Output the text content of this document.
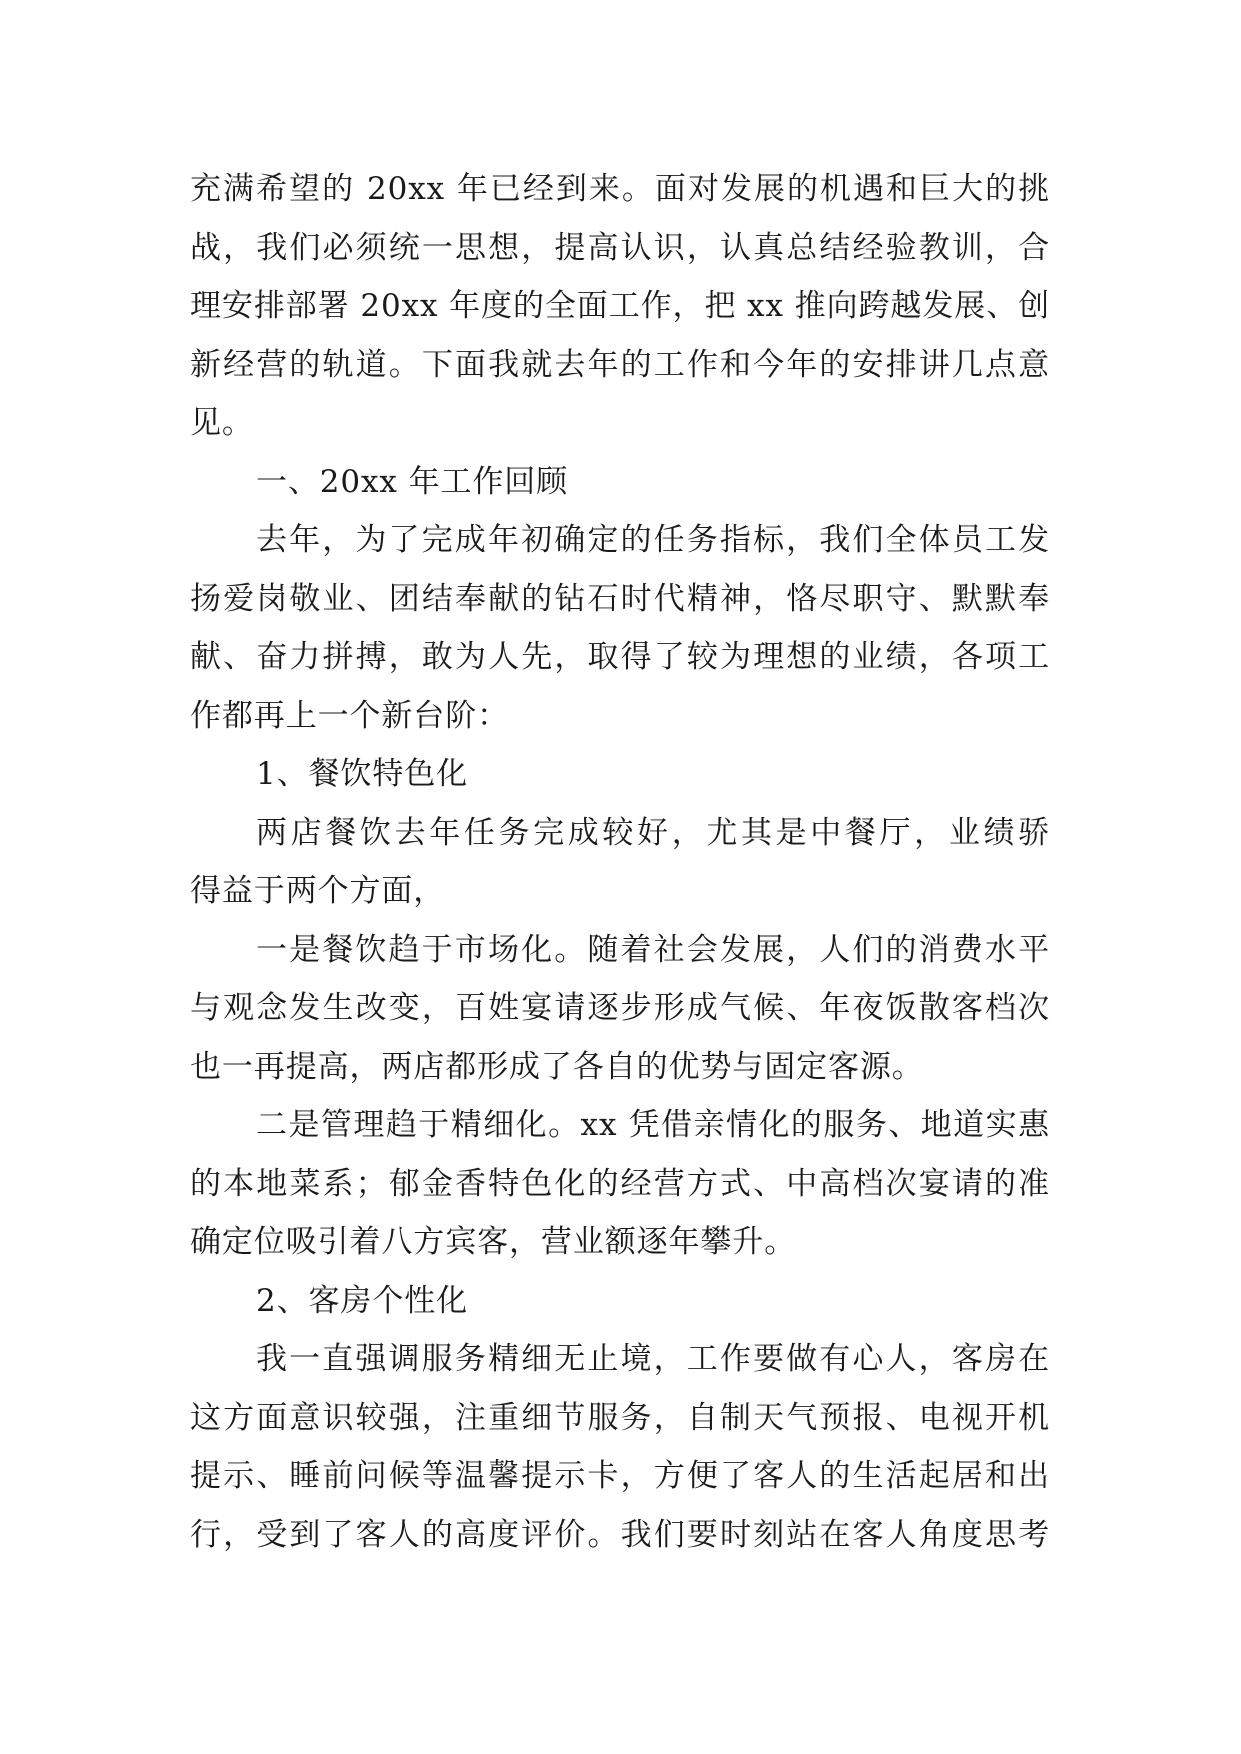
充满希望的 20xx 年已经到来。面对发展的机遇和巨大的挑
战，我们必须统一思想，提高认识，认真总结经验教训，合
理安排部署 20xx 年度的全面工作，把 xx 推向跨越发展、创
新经营的轨道。下面我就去年的工作和今年的安排讲几点意
见。
一、20xx 年工作回顾
去年，为了完成年初确定的任务指标，我们全体员工发
扬爱岗敬业、团结奉献的钻石时代精神，恪尽职守、默默奉
献、奋力拼搏，敢为人先，取得了较为理想的业绩，各项工
作都再上一个新台阶：
1、餐饮特色化
两店餐饮去年任务完成较好，尤其是中餐厅，业绩骄
得益于两个方面，
一是餐饮趋于市场化。随着社会发展，人们的消费水平
与观念发生改变，百姓宴请逐步形成气候、年夜饭散客档次
也一再提高，两店都形成了各自的优势与固定客源。
二是管理趋于精细化。xx 凭借亲情化的服务、地道实惠
的本地菜系；郁金香特色化的经营方式、中高档次宴请的准
确定位吸引着八方宾客，营业额逐年攀升。
2、客房个性化
我一直强调服务精细无止境，工作要做有心人，客房在
这方面意识较强，注重细节服务，自制天气预报、电视开机
提示、睡前问候等温馨提示卡，方便了客人的生活起居和出
行，受到了客人的高度评价。我们要时刻站在客人角度思考
